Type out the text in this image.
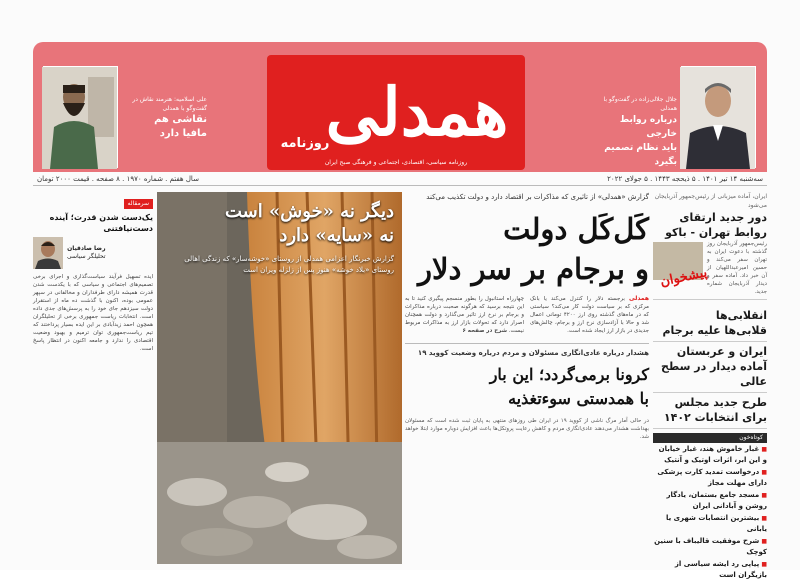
علی اسلامیه: هنرمند نقاش در گفت‌وگو با همدلی
نقاشی هم
مافیا دارد همدلی
روزنامه
روزنامه سیاسی، اقتصادی، اجتماعی و فرهنگی صبح ایران
جلال جلالی‌زاده در گفت‌وگو با همدلی
درباره روابط خارجی
باید نظام تصمیم بگیرد
سه‌شنبه ۱۴ تیر ۱۴۰۱ . ۵ ذیحجه ۱۴۴۳ . ۵ جولای ۲۰۲۲
سال هفتم . شماره ۱۹۷۰ . ۸ صفحه . قیمت ۲۰۰۰ تومان
ایران، آماده میزبانی از رئیس‌جمهور آذربایجان می‌شود
دور جدید ارتقای روابط تهران - باکو
رئیس‌جمهور آذربایجان روز گذشته با دعوت ایران به تهران سفر می‌کند و حسین امیرعبداللهیان از آن خبر داد. آماده سفر و دیدار آذربایجان شماره جدید.
انقلابی‌ها
قلابی‌ها علیه برجام
ایران و عربستان آماده دیدار در سطح عالی
طرح جدید مجلس برای انتخابات ۱۴۰۲
کوتاه‌خون
■ غبار خاموش هند، غبار خیابان و این ابر، اثرات اوتیک و آنتیک
■ درخواست تمدید کارت پزشکی دارای مهلت مجاز
■ مسجد جامع بستمان، یادگار روشن و آبادانی ایران
■ بیشترین انتصابات شهری یا یابانی
■ شرح موفقیت قالیباف با سنین کوچک
■ پیاپی رد ایشه سیاسی از بازیگران است
پیشخوان
گزارش «همدلی» از تاثیری که مذاکرات بر اقتصاد دارد و دولت تکذیب می‌کند
کَل‌کَل دولت
و برجام بر سر دلار
همدلی برجسته دلار را کنترل می‌کند یا بانک مرکزی که بر سیاست دولت کار می‌کند؟ سیاستی که در ماه‌های گذشته روی ارز ۴۲۰۰ تومانی اعمال شد و حالا با آزادسازی نرخ ارز و برجام، چالش‌های جدیدی در بازار ارز ایجاد شده است.
چهارراه استانبول را بطور منسجم پیگیری کنید تا به این نتیجه برسید که هرگونه صحبت درباره مذاکرات و برجام بر نرخ ارز تاثیر می‌گذارد و دولت همچنان اصرار دارد که تحولات بازار ارز به مذاکرات مربوط نیست. شرح در صفحه ۶
هشدار درباره عادی‌انگاری مسئولان و مردم درباره وضعیت کووید ۱۹
کرونا برمی‌گردد؛ این بار
با همدستی سوءتغذیه
در حالی آمار مرگ ناشی از کووید ۱۹ در ایران طی روزهای منتهی به پایان ثبت شده است که مسئولان بهداشت هشدار می‌دهند عادی‌انگاری مردم و کاهش رعایت پروتکل‌ها باعث افزایش دوباره موارد ابتلا خواهد شد.
دیگر نه «خوش» است
نه «سایه» دارد
گزارش خبرنگار اعزامی همدلی از روستای «خوشه‌سار» که زندگی اهالی روستای «بلاد خوشه» هنوز پس از زلزله ویران است
سرمقاله
یک‌دست شدن قدرت؛ آینده دست‌نیافتنی
رضا صادقیان
تحلیلگر سیاسی
ایده تسهیل فرآیند سیاست‌گذاری و اجرای برخی تصمیم‌های اجتماعی و سیاسی که با یکدست شدن قدرت همیشه دارای طرفداران و مخالفانی در سپهر عمومی بوده، اکنون با گذشت ده ماه از استقرار دولت سیزدهم جای خود را به پرسش‌های جدی داده است. انتخابات ریاست جمهوری برخی از تحلیلگران همچون احمد زیدآبادی بر این ایده بسیار پرداختند که تیم ریاست‌جمهوری توان ترمیم و بهبود وضعیت اقتصادی را ندارد و جامعه اکنون در انتظار پاسخ است.
